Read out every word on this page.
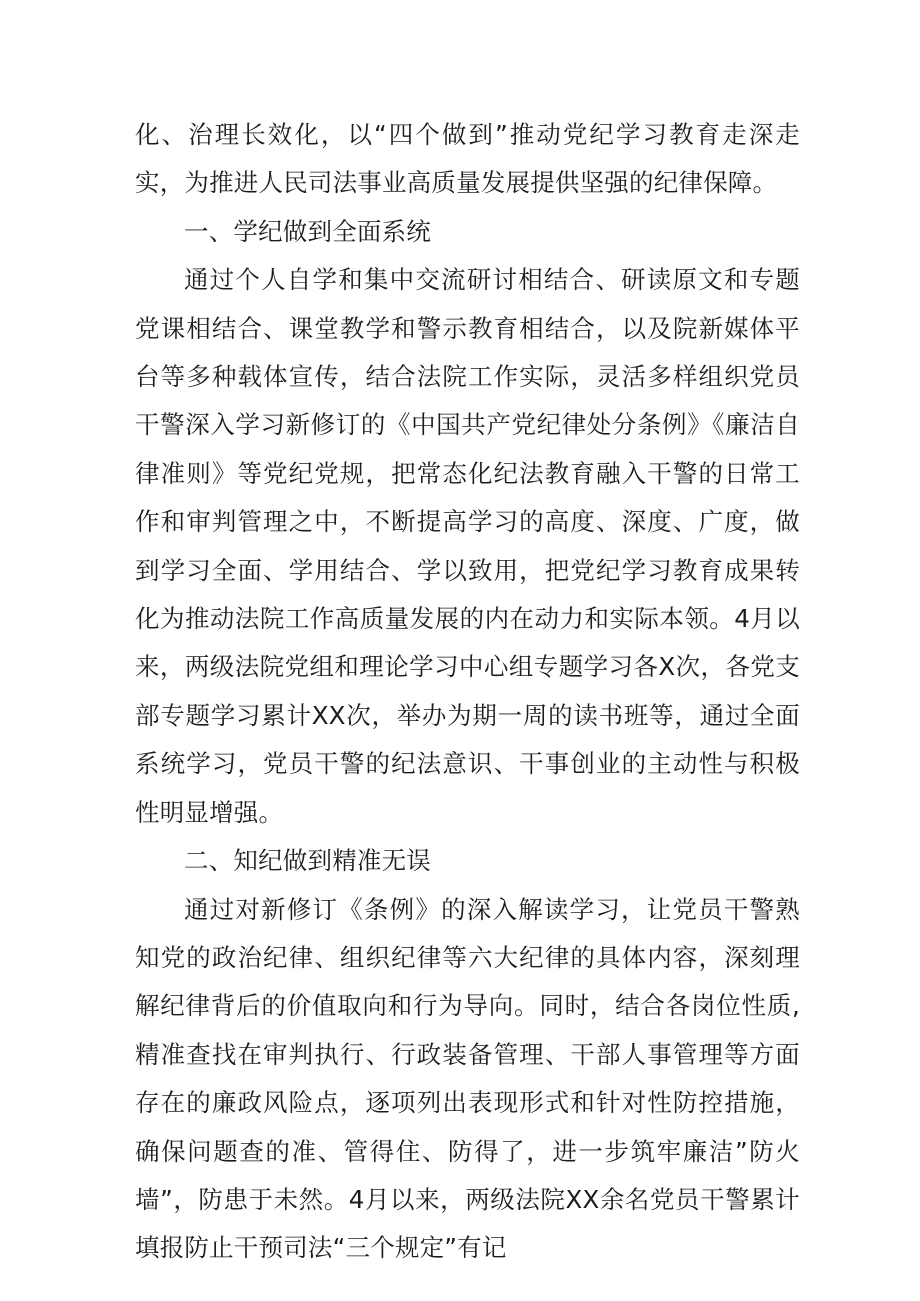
化、治理长效化，以“四个做到”推动党纪学习教育走深走实，为推进人民司法事业高质量发展提供坚强的纪律保障。

一、学纪做到全面系统

通过个人自学和集中交流研讨相结合、研读原文和专题党课相结合、课堂教学和警示教育相结合，以及院新媒体平台等多种载体宣传，结合法院工作实际，灵活多样组织党员干警深入学习新修订的《中国共产党纪律处分条例》《廉洁自律准则》等党纪党规，把常态化纪法教育融入干警的日常工作和审判管理之中，不断提高学习的高度、深度、广度，做到学习全面、学用结合、学以致用，把党纪学习教育成果转化为推动法院工作高质量发展的内在动力和实际本领。4月以来，两级法院党组和理论学习中心组专题学习各X次，各党支部专题学习累计XX次，举办为期一周的读书班等，通过全面系统学习，党员干警的纪法意识、干事创业的主动性与积极性明显增强。

二、知纪做到精准无误

通过对新修订《条例》的深入解读学习，让党员干警熟知党的政治纪律、组织纪律等六大纪律的具体内容，深刻理解纪律背后的价值取向和行为导向。同时，结合各岗位性质,精准查找在审判执行、行政装备管理、干部人事管理等方面存在的廉政风险点，逐项列出表现形式和针对性防控措施，确保问题查的准、管得住、防得了，进一步筑牢廉洁”防火墙”，防患于未然。4月以来，两级法院XX余名党员干警累计填报防止干预司法“三个规定”有记
